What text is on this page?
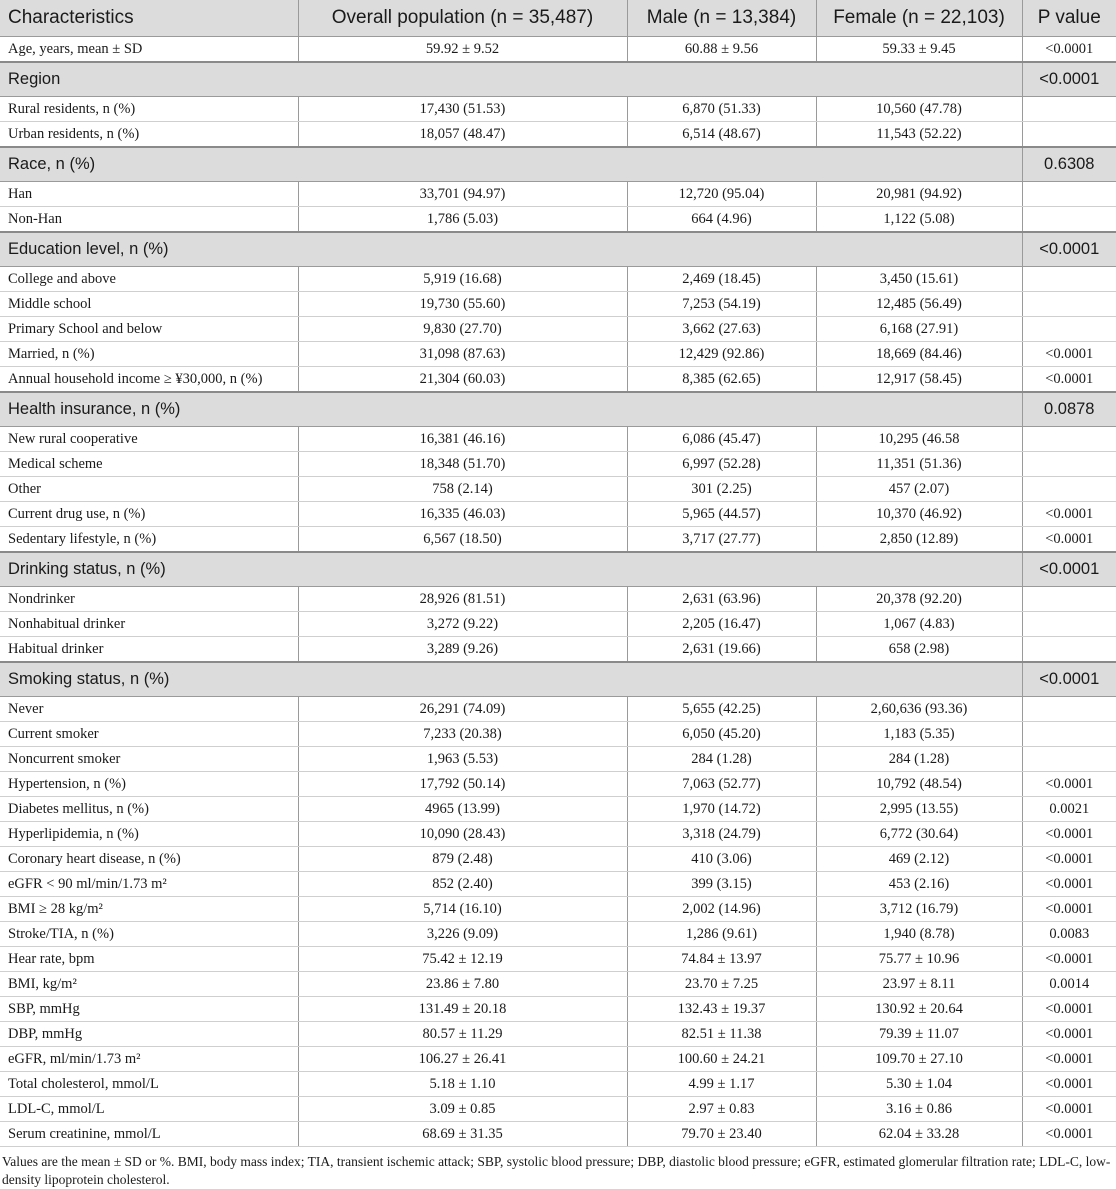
Characteristics	Overall population (n = 35,487)	Male (n = 13,384)	Female (n = 22,103)	P value
Age, years, mean ± SD	59.92 ± 9.52	60.88 ± 9.56	59.33 ± 9.45	<0.0001
Region				<0.0001
Rural residents, n (%)	17,430 (51.53)	6,870 (51.33)	10,560 (47.78)	
Urban residents, n (%)	18,057 (48.47)	6,514 (48.67)	11,543 (52.22)	
Race, n (%)				0.6308
Han	33,701 (94.97)	12,720 (95.04)	20,981 (94.92)	
Non-Han	1,786 (5.03)	664 (4.96)	1,122 (5.08)	
Education level, n (%)				<0.0001
College and above	5,919 (16.68)	2,469 (18.45)	3,450 (15.61)	
Middle school	19,730 (55.60)	7,253 (54.19)	12,485 (56.49)	
Primary School and below	9,830 (27.70)	3,662 (27.63)	6,168 (27.91)	
Married, n (%)	31,098 (87.63)	12,429 (92.86)	18,669 (84.46)	<0.0001
Annual household income ≥ ¥30,000, n (%)	21,304 (60.03)	8,385 (62.65)	12,917 (58.45)	<0.0001
Health insurance, n (%)				0.0878
New rural cooperative	16,381 (46.16)	6,086 (45.47)	10,295 (46.58	
Medical scheme	18,348 (51.70)	6,997 (52.28)	11,351 (51.36)	
Other	758 (2.14)	301 (2.25)	457 (2.07)	
Current drug use, n (%)	16,335 (46.03)	5,965 (44.57)	10,370 (46.92)	<0.0001
Sedentary lifestyle, n (%)	6,567 (18.50)	3,717 (27.77)	2,850 (12.89)	<0.0001
Drinking status, n (%)				<0.0001
Nondrinker	28,926 (81.51)	2,631 (63.96)	20,378 (92.20)	
Nonhabitual drinker	3,272 (9.22)	2,205 (16.47)	1,067 (4.83)	
Habitual drinker	3,289 (9.26)	2,631 (19.66)	658 (2.98)	
Smoking status, n (%)				<0.0001
Never	26,291 (74.09)	5,655 (42.25)	2,60,636 (93.36)	
Current smoker	7,233 (20.38)	6,050 (45.20)	1,183 (5.35)	
Noncurrent smoker	1,963 (5.53)	284 (1.28)	284 (1.28)	
Hypertension, n (%)	17,792 (50.14)	7,063 (52.77)	10,792 (48.54)	<0.0001
Diabetes mellitus, n (%)	4965 (13.99)	1,970 (14.72)	2,995 (13.55)	0.0021
Hyperlipidemia, n (%)	10,090 (28.43)	3,318 (24.79)	6,772 (30.64)	<0.0001
Coronary heart disease, n (%)	879 (2.48)	410 (3.06)	469 (2.12)	<0.0001
eGFR < 90 ml/min/1.73 m²	852 (2.40)	399 (3.15)	453 (2.16)	<0.0001
BMI ≥ 28 kg/m²	5,714 (16.10)	2,002 (14.96)	3,712 (16.79)	<0.0001
Stroke/TIA, n (%)	3,226 (9.09)	1,286 (9.61)	1,940 (8.78)	0.0083
Hear rate, bpm	75.42 ± 12.19	74.84 ± 13.97	75.77 ± 10.96	<0.0001
BMI, kg/m²	23.86 ± 7.80	23.70 ± 7.25	23.97 ± 8.11	0.0014
SBP, mmHg	131.49 ± 20.18	132.43 ± 19.37	130.92 ± 20.64	<0.0001
DBP, mmHg	80.57 ± 11.29	82.51 ± 11.38	79.39 ± 11.07	<0.0001
eGFR, ml/min/1.73 m²	106.27 ± 26.41	100.60 ± 24.21	109.70 ± 27.10	<0.0001
Total cholesterol, mmol/L	5.18 ± 1.10	4.99 ± 1.17	5.30 ± 1.04	<0.0001
LDL-C, mmol/L	3.09 ± 0.85	2.97 ± 0.83	3.16 ± 0.86	<0.0001
Serum creatinine, mmol/L	68.69 ± 31.35	79.70 ± 23.40	62.04 ± 33.28	<0.0001
Values are the mean ± SD or %. BMI, body mass index; TIA, transient ischemic attack; SBP, systolic blood pressure; DBP, diastolic blood pressure; eGFR, estimated glomerular filtration rate; LDL-C, low-density lipoprotein cholesterol.
